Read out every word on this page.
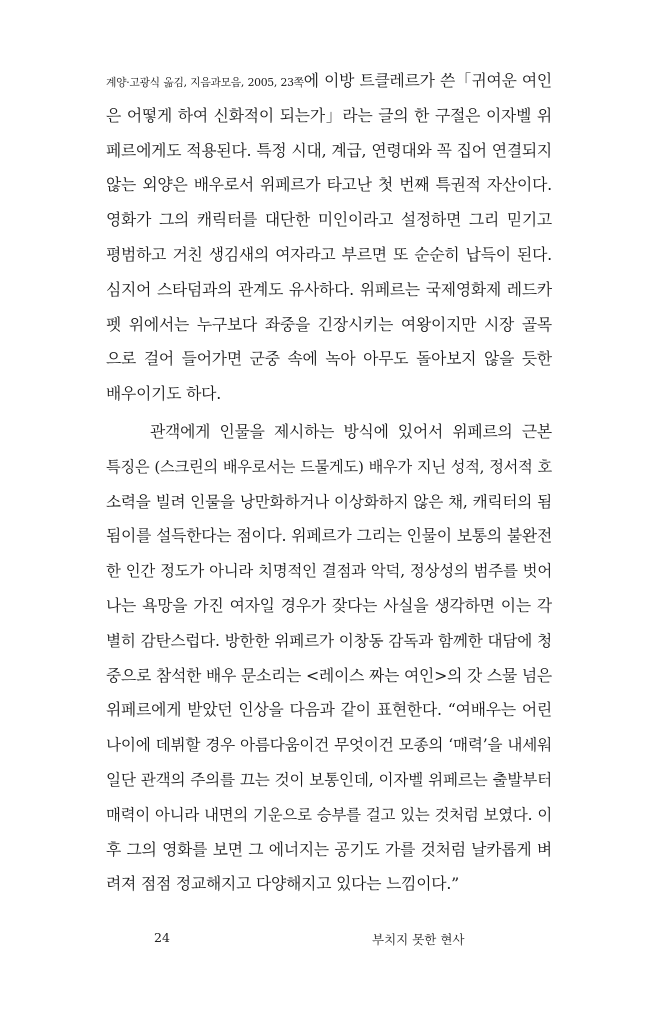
계양·고광식 옮김, 지음과모음, 2005, 23쪽에 이방 트클레르가 쓴「귀여운 여인
은 어떻게 하여 신화적이 되는가」라는 글의 한 구절은 이자벨 위
페르에게도 적용된다. 특정 시대, 계급, 연령대와 꼭 집어 연결되지
않는 외양은 배우로서 위페르가 타고난 첫 번째 특권적 자산이다.
영화가 그의 캐릭터를 대단한 미인이라고 설정하면 그리 믿기고
평범하고 거친 생김새의 여자라고 부르면 또 순순히 납득이 된다.
심지어 스타덤과의 관계도 유사하다. 위페르는 국제영화제 레드카
펫 위에서는 누구보다 좌중을 긴장시키는 여왕이지만 시장 골목
으로 걸어 들어가면 군중 속에 녹아 아무도 돌아보지 않을 듯한
배우이기도 하다.
관객에게 인물을 제시하는 방식에 있어서 위페르의 근본
특징은 (스크린의 배우로서는 드물게도) 배우가 지닌 성적, 정서적 호
소력을 빌려 인물을 낭만화하거나 이상화하지 않은 채, 캐릭터의 됨
됨이를 설득한다는 점이다. 위페르가 그리는 인물이 보통의 불완전
한 인간 정도가 아니라 치명적인 결점과 악덕, 정상성의 범주를 벗어
나는 욕망을 가진 여자일 경우가 잦다는 사실을 생각하면 이는 각
별히 감탄스럽다. 방한한 위페르가 이창동 감독과 함께한 대담에 청
중으로 참석한 배우 문소리는 <레이스 짜는 여인>의 갓 스물 넘은
위페르에게 받았던 인상을 다음과 같이 표현한다. “여배우는 어린
나이에 데뷔할 경우 아름다움이건 무엇이건 모종의 ‘매력’을 내세워
일단 관객의 주의를 끄는 것이 보통인데, 이자벨 위페르는 출발부터
매력이 아니라 내면의 기운으로 승부를 걸고 있는 것처럼 보였다. 이
후 그의 영화를 보면 그 에너지는 공기도 가를 것처럼 날카롭게 벼
려져 점점 정교해지고 다양해지고 있다는 느낌이다.”
24	부치지 못한 현사
